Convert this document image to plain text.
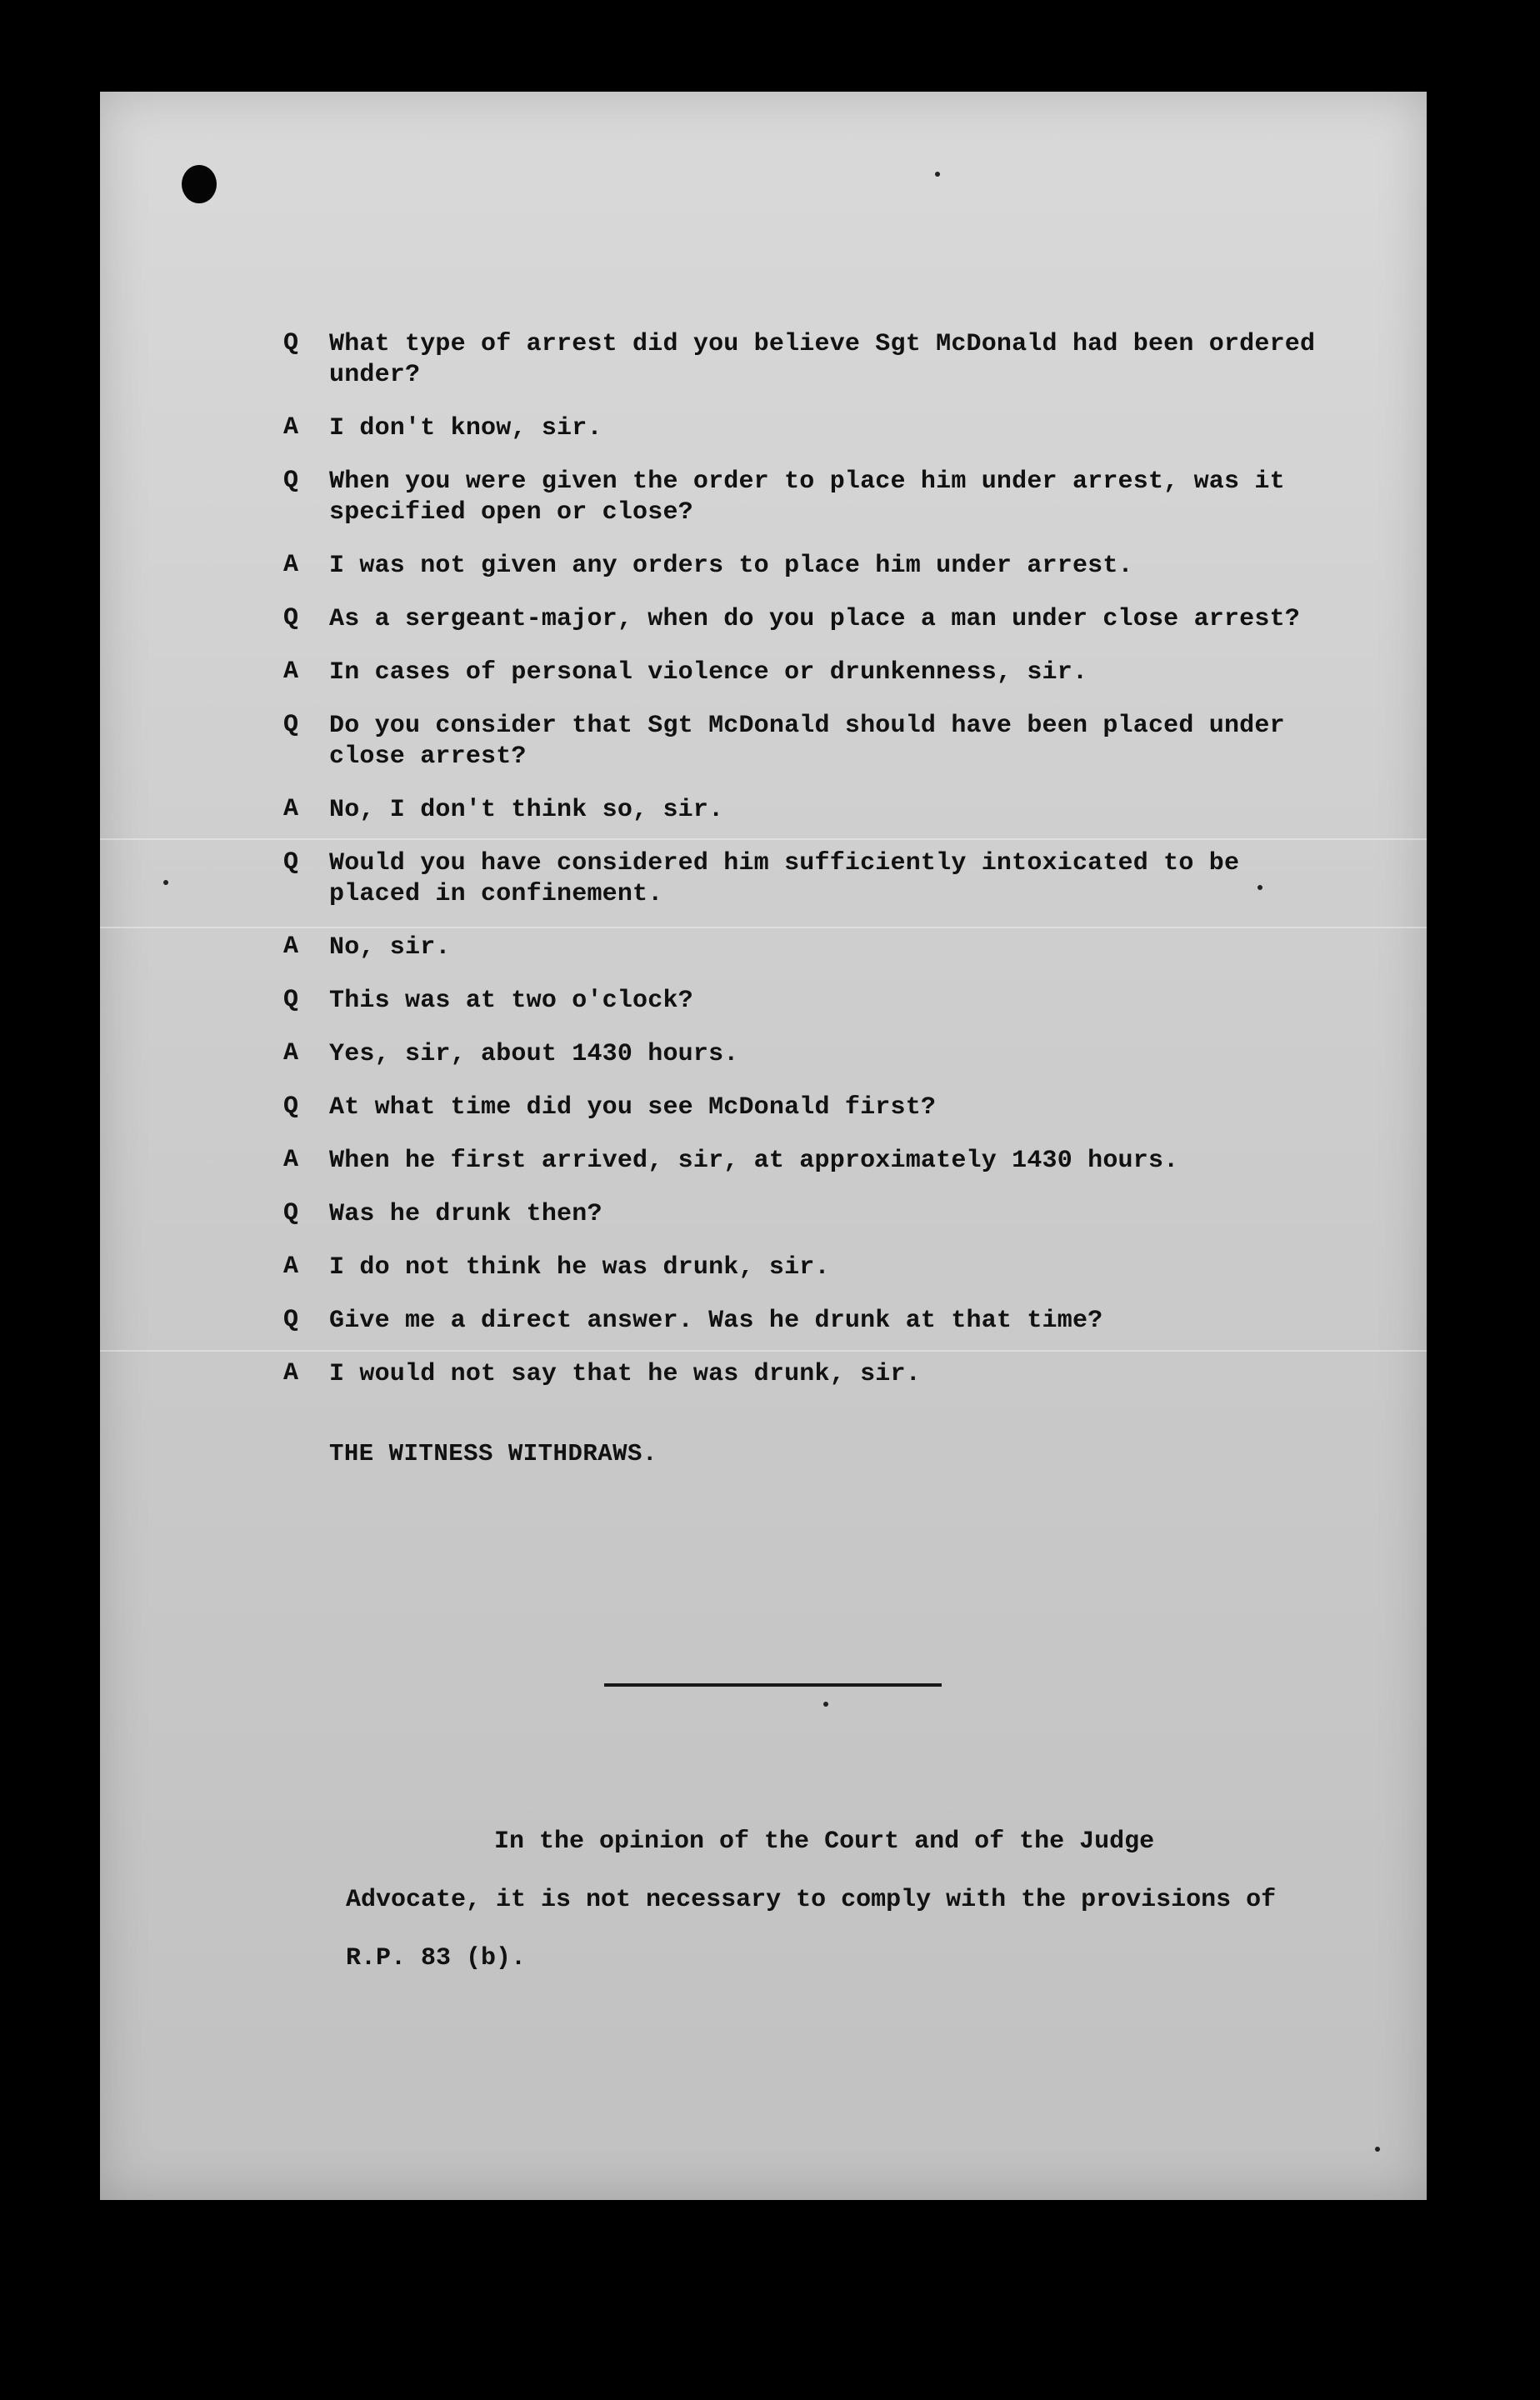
Q	What type of arrest did you believe Sgt McDonald had been ordered under?
A	I don't know, sir.
Q	When you were given the order to place him under arrest, was it specified open or close?
A	I was not given any orders to place him under arrest.
Q	As a sergeant-major, when do you place a man under close arrest?
A	In cases of personal violence or drunkenness, sir.
Q	Do you consider that Sgt McDonald should have been placed under close arrest?
A	No, I don't think so, sir.
Q	Would you have considered him sufficiently intoxicated to be placed in confinement.
A	No, sir.
Q	This was at two o'clock?
A	Yes, sir, about 1430 hours.
Q	At what time did you see McDonald first?
A	When he first arrived, sir, at approximately 1430 hours.
Q	Was he drunk then?
A	I do not think he was drunk, sir.
Q	Give me a direct answer. Was he drunk at that time?
A	I would not say that he was drunk, sir.
THE WITNESS WITHDRAWS.
In the opinion of the Court and of the Judge Advocate, it is not necessary to comply with the provisions of R.P. 83 (b).
